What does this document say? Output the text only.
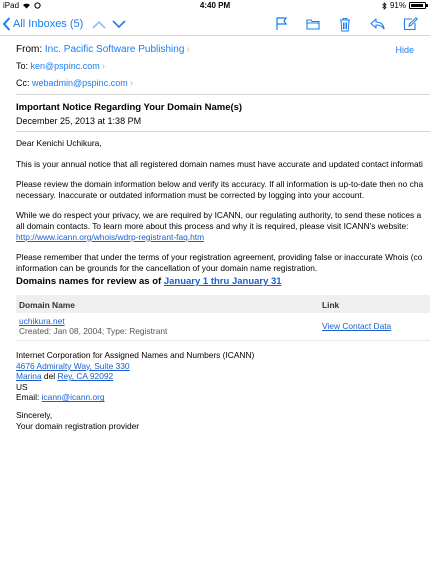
iPad	4:40 PM	91%
All Inboxes (5)
From: Inc. Pacific Software Publishing ›
To: ken@pspinc.com ›
Cc: webadmin@pspinc.com ›
Hide
Important Notice Regarding Your Domain Name(s)
December 25, 2013 at 1:38 PM

Dear Kenichi Uchikura,

This is your annual notice that all registered domain names must have accurate and updated contact informati

Please review the domain information below and verify its accuracy. If all information is up-to-date then no cha

necessary. Inaccurate or outdated information must be corrected by logging into your account.

While we do respect your privacy, we are required by ICANN, our regulating authority, to send these notices a

all domain contacts. To learn more about this process and why it is required, please visit ICANN's website:

http://www.icann.org/whois/wdrp-registrant-faq.htm

Please remember that under the terms of your registration agreement, providing false or inaccurate Whois (co

information can be grounds for the cancellation of your domain name registration.

Domains names for review as of January 1 thru January 31
Domain Name	Link
uchikura.net
Created: Jan 08, 2004; Type: Registrant	View Contact Data

Internet Corporation for Assigned Names and Numbers (ICANN)

4676 Admiralty Way, Suite 330

Marina del Rey, CA 92092

US

Email: icann@icann.org

Sincerely,

Your domain registration provider
